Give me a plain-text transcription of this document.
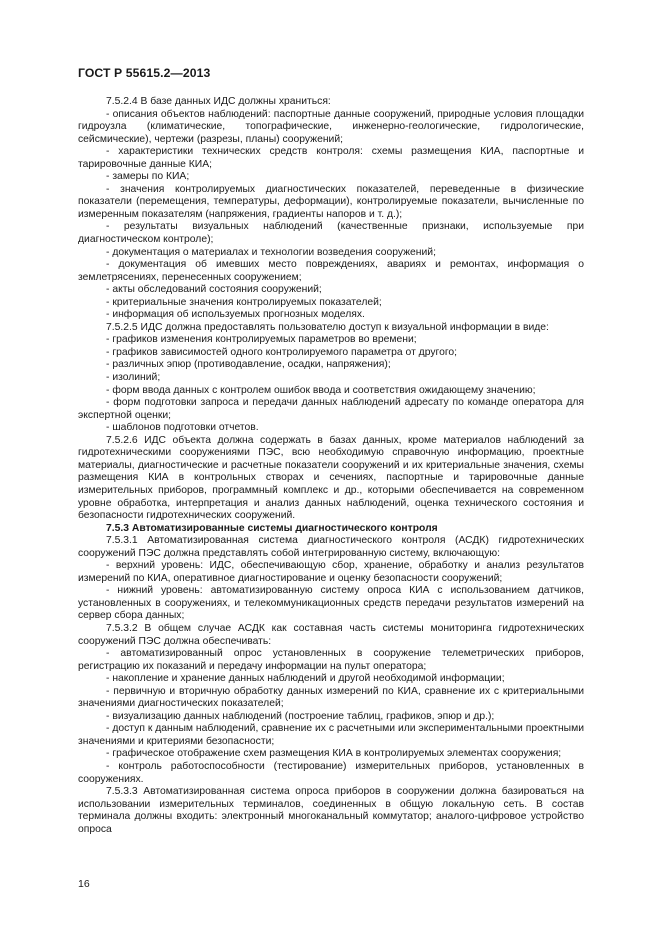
ГОСТ Р 55615.2—2013

7.5.2.4 В базе данных ИДС должны храниться:

- описания объектов наблюдений: паспортные данные сооружений, природные условия площадки гидроузла (климатические, топографические, инженерно-геологические, гидрологические, сейсмические), чертежи (разрезы, планы) сооружений;

- характеристики технических средств контроля: схемы размещения КИА, паспортные и тарировочные данные КИА;

- замеры по КИА;

- значения контролируемых диагностических показателей, переведенные в физические показатели (перемещения, температуры, деформации), контролируемые показатели, вычисленные по измеренным показателям (напряжения, градиенты напоров и т. д.);

- результаты визуальных наблюдений (качественные признаки, используемые при диагностическом контроле);

- документация о материалах и технологии возведения сооружений;

- документация об имевших место повреждениях, авариях и ремонтах, информация о землетрясениях, перенесенных сооружением;

- акты обследований состояния сооружений;

- критериальные значения контролируемых показателей;

- информация об используемых прогнозных моделях.

7.5.2.5 ИДС должна предоставлять пользователю доступ к визуальной информации в виде:

- графиков изменения контролируемых параметров во времени;

- графиков зависимостей одного контролируемого параметра от другого;

- различных эпюр (противодавление, осадки, напряжения);

- изолиний;

- форм ввода данных с контролем ошибок ввода и соответствия ожидающему значению;

- форм подготовки запроса и передачи данных наблюдений адресату по команде оператора для экспертной оценки;

- шаблонов подготовки отчетов.

7.5.2.6 ИДС объекта должна содержать в базах данных, кроме материалов наблюдений за гидротехническими сооружениями ПЭС, всю необходимую справочную информацию, проектные материалы, диагностические и расчетные показатели сооружений и их критериальные значения, схемы размещения КИА в контрольных створах и сечениях, паспортные и тарировочные данные измерительных приборов, программный комплекс и др., которыми обеспечивается на современном уровне обработка, интерпретация и анализ данных наблюдений, оценка технического состояния и безопасности гидротехнических сооружений.

7.5.3 Автоматизированные системы диагностического контроля

7.5.3.1 Автоматизированная система диагностического контроля (АСДК) гидротехнических сооружений ПЭС должна представлять собой интегрированную систему, включающую:

- верхний уровень: ИДС, обеспечивающую сбор, хранение, обработку и анализ результатов измерений по КИА, оперативное диагностирование и оценку безопасности сооружений;

- нижний уровень: автоматизированную систему опроса КИА с использованием датчиков, установленных в сооружениях, и телекоммуникационных средств передачи результатов измерений на сервер сбора данных;

7.5.3.2 В общем случае АСДК как составная часть системы мониторинга гидротехнических сооружений ПЭС должна обеспечивать:

- автоматизированный опрос установленных в сооружение телеметрических приборов, регистрацию их показаний и передачу информации на пульт оператора;

- накопление и хранение данных наблюдений и другой необходимой информации;

- первичную и вторичную обработку данных измерений по КИА, сравнение их с критериальными значениями диагностических показателей;

- визуализацию данных наблюдений (построение таблиц, графиков, эпюр и др.);

- доступ к данным наблюдений, сравнение их с расчетными или экспериментальными проектными значениями и критериями безопасности;

- графическое отображение схем размещения КИА в контролируемых элементах сооружения;

- контроль работоспособности (тестирование) измерительных приборов, установленных в сооружениях.

7.5.3.3 Автоматизированная система опроса приборов в сооружении должна базироваться на использовании измерительных терминалов, соединенных в общую локальную сеть. В состав терминала должны входить: электронный многоканальный коммутатор; аналого-цифровое устройство опроса

16
